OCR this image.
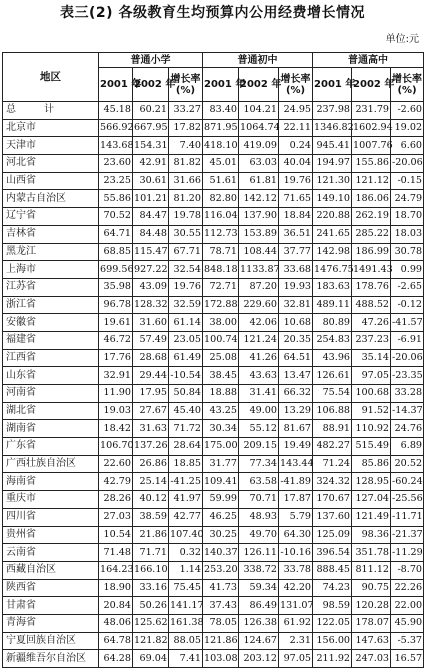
表三(2) 各级教育生均预算内公用经费增长情况
单位:元
地区	普通小学			普通初中			普通高中		
	2001 年	2002 年	增长率 (%)	2001 年	2002 年	增长率 (%)	2001 年	2002 年	增长率 (%)
总　计	45.18	60.21	33.27	83.40	104.21	24.95	237.98	231.79	-2.60
北京市	566.92	667.95	17.82	871.95	1064.74	22.11	1346.82	1602.94	19.02
天津市	143.68	154.31	7.40	418.10	419.09	0.24	945.41	1007.76	6.60
河北省	23.60	42.91	81.82	45.01	63.03	40.04	194.97	155.86	-20.06
山西省	23.25	30.61	31.66	51.61	61.81	19.76	121.30	121.12	-0.15
内蒙古自治区	55.86	101.21	81.20	82.80	142.12	71.65	149.10	186.06	24.79
辽宁省	70.52	84.47	19.78	116.04	137.90	18.84	220.88	262.19	18.70
吉林省	64.71	84.48	30.55	112.73	153.89	36.51	241.65	285.22	18.03
黑龙江	68.85	115.47	67.71	78.71	108.44	37.77	142.98	186.99	30.78
上海市	699.56	927.22	32.54	848.18	1133.87	33.68	1476.75	1491.43	0.99
江苏省	35.98	43.09	19.76	72.71	87.20	19.93	183.63	178.76	-2.65
浙江省	96.78	128.32	32.59	172.88	229.60	32.81	489.11	488.52	-0.12
安徽省	19.61	31.60	61.14	38.00	42.06	10.68	80.89	47.26	-41.57
福建省	46.72	57.49	23.05	100.74	121.24	20.35	254.83	237.23	-6.91
江西省	17.76	28.68	61.49	25.08	41.26	64.51	43.96	35.14	-20.06
山东省	32.91	29.44	-10.54	38.45	43.63	13.47	126.61	97.05	-23.35
河南省	11.90	17.95	50.84	18.88	31.41	66.32	75.54	100.68	33.28
湖北省	19.03	27.67	45.40	43.25	49.00	13.29	106.88	91.52	-14.37
湖南省	18.42	31.63	71.72	30.34	55.12	81.67	88.91	110.92	24.76
广东省	106.70	137.26	28.64	175.00	209.15	19.49	482.27	515.49	6.89
广西壮族自治区	22.60	26.86	18.85	31.77	77.34	143.44	71.24	85.86	20.52
海南省	42.79	25.14	-41.25	109.41	63.58	-41.89	324.32	128.95	-60.24
重庆市	28.26	40.12	41.97	59.99	70.71	17.87	170.67	127.04	-25.56
四川省	27.03	38.59	42.77	46.25	48.93	5.79	137.60	121.49	-11.71
贵州省	10.54	21.86	107.40	30.25	49.70	64.30	125.09	98.36	-21.37
云南省	71.48	71.71	0.32	140.37	126.11	-10.16	396.54	351.78	-11.29
西藏自治区	164.23	166.10	1.14	253.20	338.72	33.78	888.45	811.12	-8.70
陕西省	18.90	33.16	75.45	41.73	59.34	42.20	74.23	90.75	22.26
甘肃省	20.84	50.26	141.17	37.43	86.49	131.07	98.59	120.28	22.00
青海省	48.06	125.62	161.38	78.05	126.38	61.92	122.05	178.07	45.90
宁夏回族自治区	64.78	121.82	88.05	121.86	124.67	2.31	156.00	147.63	-5.37
新疆维吾尔自治区	64.28	69.04	7.41	103.08	203.12	97.05	211.92	247.03	16.57
